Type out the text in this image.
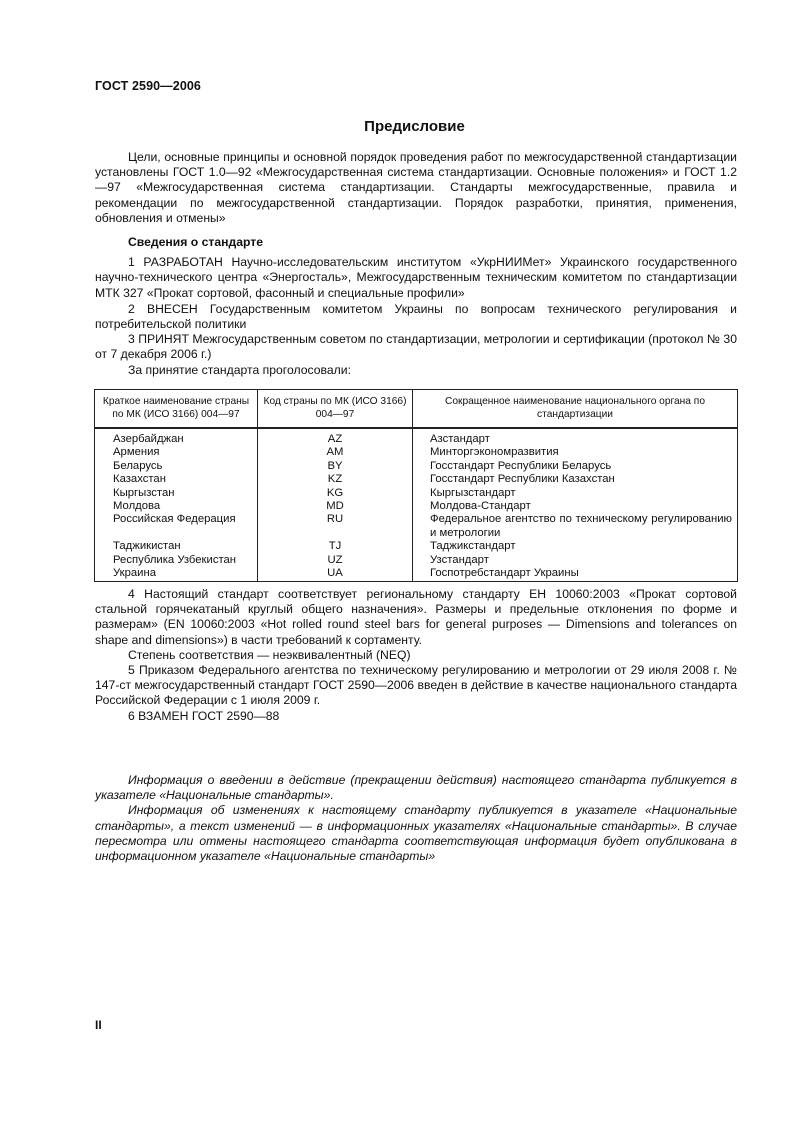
ГОСТ 2590—2006
Предисловие

Цели, основные принципы и основной порядок проведения работ по межгосударственной стандартизации установлены ГОСТ 1.0—92 «Межгосударственная система стандартизации. Основные положения» и ГОСТ 1.2—97 «Межгосударственная система стандартизации. Стандарты межгосударственные, правила и рекомендации по межгосударственной стандартизации. Порядок разработки, принятия, применения, обновления и отмены»

Сведения о стандарте

1 РАЗРАБОТАН Научно-исследовательским институтом «УкрНИИМет» Украинского государственного научно-технического центра «Энергосталь», Межгосударственным техническим комитетом по стандартизации МТК 327 «Прокат сортовой, фасонный и специальные профили»

2 ВНЕСЕН Государственным комитетом Украины по вопросам технического регулирования и потребительской политики

3 ПРИНЯТ Межгосударственным советом по стандартизации, метрологии и сертификации (протокол № 30 от 7 декабря 2006 г.)

За принятие стандарта проголосовали:

Краткое наименование страны по МК (ИСО 3166) 004—97	Код страны по МК (ИСО 3166) 004—97	Сокращенное наименование национального органа по стандартизации
Азербайджан	AZ	Азстандарт
Армения	AM	Минторгэкономразвития
Беларусь	BY	Госстандарт Республики Беларусь
Казахстан	KZ	Госстандарт Республики Казахстан
Кыргызстан	KG	Кыргызстандарт
Молдова	MD	Молдова-Стандарт
Российская Федерация	RU	Федеральное агентство по техническому регулированию и метрологии
Таджикистан	TJ	Таджикстандарт
Республика Узбекистан	UZ	Узстандарт
Украина	UA	Госпотребстандарт Украины

4 Настоящий стандарт соответствует региональному стандарту ЕН 10060:2003 «Прокат сортовой стальной горячекатаный круглый общего назначения». Размеры и предельные отклонения по форме и размерам» (EN 10060:2003 «Hot rolled round steel bars for general purposes — Dimensions and tolerances on shape and dimensions») в части требований к сортаменту.

Степень соответствия — неэквивалентный (NEQ)

5 Приказом Федерального агентства по техническому регулированию и метрологии от 29 июля 2008 г. № 147-ст межгосударственный стандарт ГОСТ 2590—2006 введен в действие в качестве национального стандарта Российской Федерации с 1 июля 2009 г.

6 ВЗАМЕН ГОСТ 2590—88

Информация о введении в действие (прекращении действия) настоящего стандарта публикуется в указателе «Национальные стандарты».

Информация об изменениях к настоящему стандарту публикуется в указателе «Национальные стандарты», а текст изменений — в информационных указателях «Национальные стандарты». В случае пересмотра или отмены настоящего стандарта соответствующая информация будет опубликована в информационном указателе «Национальные стандарты»

II
